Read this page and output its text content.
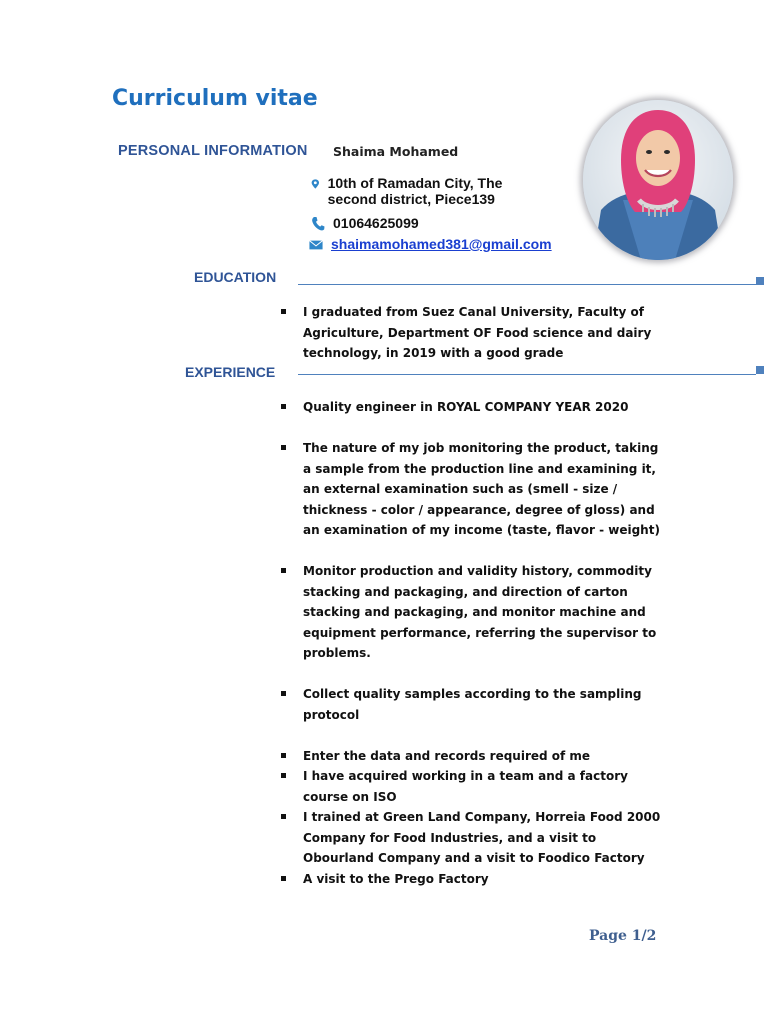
Curriculum vitae
PERSONAL INFORMATION Shaima Mohamed
10th of Ramadan City, The second district, Piece139
01064625099
shaimamohamed381@gmail.com
EDUCATION
I graduated from Suez Canal University, Faculty of Agriculture, Department OF Food science and dairy technology, in 2019 with a good grade
EXPERIENCE
Quality engineer in ROYAL COMPANY YEAR 2020
The nature of my job monitoring the product, taking a sample from the production line and examining it, an external examination such as (smell - size / thickness - color / appearance, degree of gloss) and an examination of my income (taste, flavor - weight)
Monitor production and validity history, commodity stacking and packaging, and direction of carton stacking and packaging, and monitor machine and equipment performance, referring the supervisor to problems.
Collect quality samples according to the sampling protocol
Enter the data and records required of me
I have acquired working in a team and a factory course on ISO
I trained at Green Land Company, Horreia Food 2000 Company for Food Industries, and a visit to Obourland Company and a visit to Foodico Factory
A visit to the Prego Factory
Page 1/2
